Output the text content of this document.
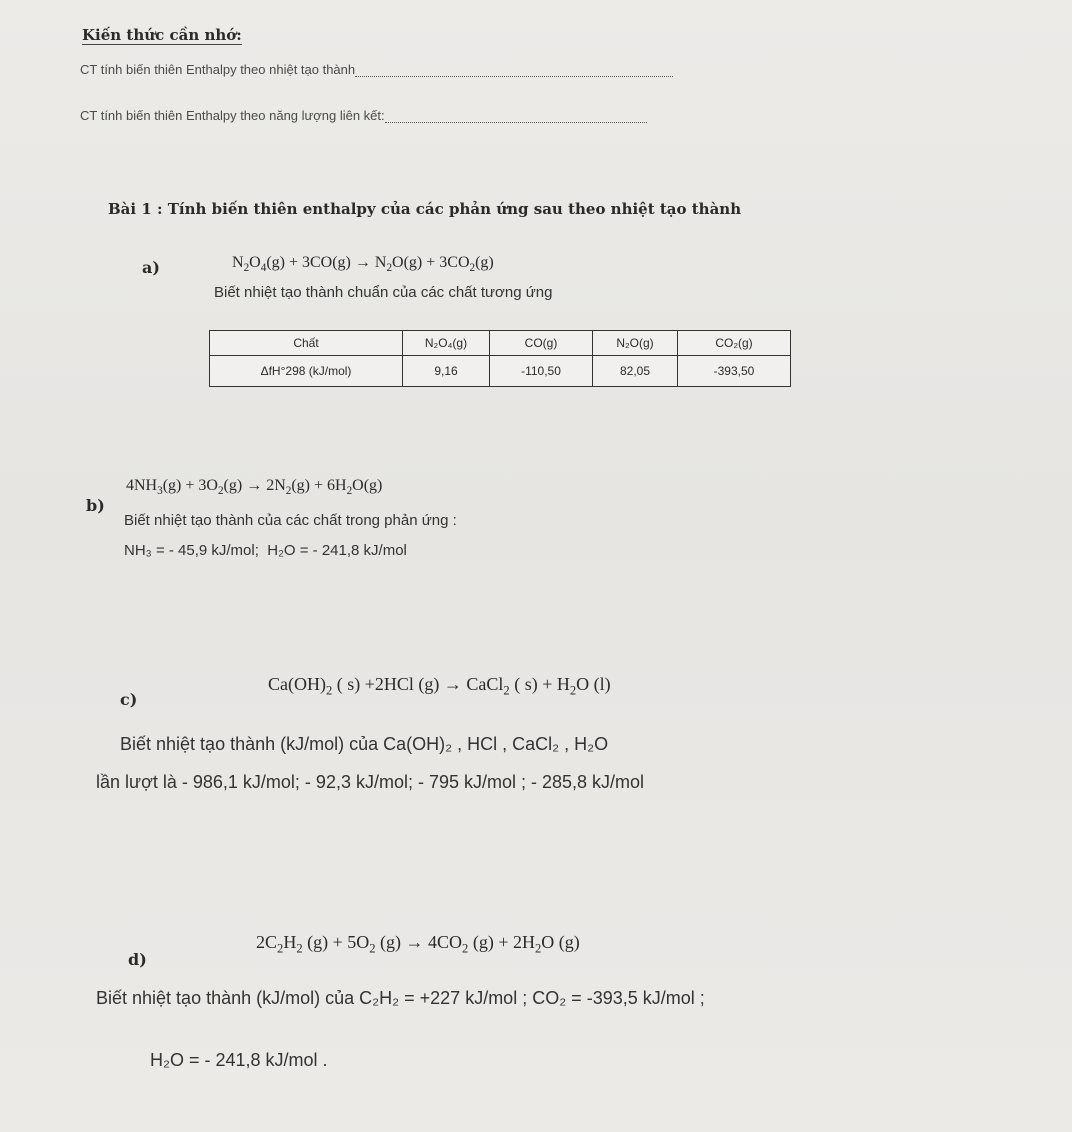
Kiến thức cần nhớ:
CT tính biến thiên Enthalpy theo nhiệt tạo thành
CT tính biến thiên Enthalpy theo năng lượng liên kết:
Bài 1 : Tính biến thiên enthalpy của các phản ứng sau theo nhiệt tạo thành
a)	$N_2O_4(g) + 3CO(g) \to N_2O(g) + 3CO_2(g)$
Biết nhiệt tạo thành chuẩn của các chất tương ứng
Chất	N₂O₄(g)	CO(g)	N₂O(g)	CO₂(g)
ΔfH°298 (kJ/mol)	9,16	-110,50	82,05	-393,50
b)
$4NH_3(g) + 3O_2(g) \to 2N_2(g) + 6H_2O(g)$
Biết nhiệt tạo thành của các chất trong phản ứng :
NH₃ = - 45,9 kJ/mol; H₂O = - 241,8 kJ/mol
c)
$Ca(OH)_2$ ( s) +2HCl (g) → CaCl$_2$ ( $s) + H_2O$ (l)
Biết nhiệt tạo thành (kJ/mol) của Ca(OH)₂ , HCl , CaCl₂ , H₂O
lần lượt là - 986,1 kJ/mol; - 92,3 kJ/mol; - 795 kJ/mol ; - 285,8 kJ/mol
d)
$2C_2H_2$ $(g) + 5O_2$ $(g) \to 4CO_2$ $(g) + 2H_2O$ (g)
Biết nhiệt tạo thành (kJ/mol) của C₂H₂ = +227 kJ/mol ; CO₂ = -393,5 kJ/mol ;
H₂O = - 241,8 kJ/mol .
